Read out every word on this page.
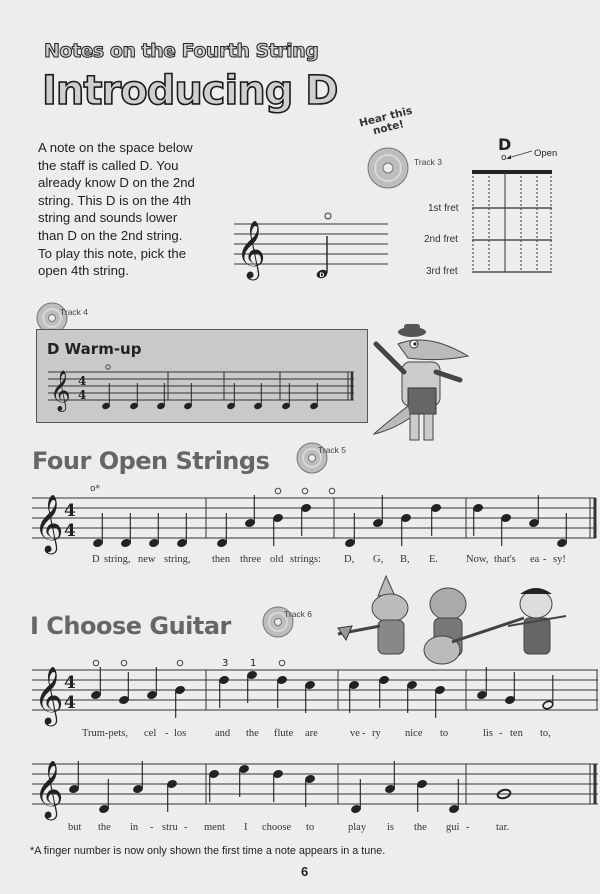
Notes on the Fourth String
Introducing D
A note on the space below
the staff is called D. You
already know D on the 2nd
string. This D is on the 4th
string and sounds lower
than D on the 2nd string.
To play this note, pick the
open 4th string.
Hear this note!
Track 3
𝄞	D
D
o	Open
1st fret
2nd fret
3rd fret
Track 4
D Warm-up
𝄞 4
4
Four Open Strings	Track 5
𝄞 4
4
o*
D string, new string, then three old strings: D, G, B, E.	Now, that's ea - sy!
I Choose Guitar	Track 6
𝄞 4
4
3 1
Trum-pets, cel - los	and the flute are	ve - ry nice to	lis - ten to,
𝄞
but the in - stru - ment I choose to	play is the gui -	tar.
*A finger number is now only shown the first time a note appears in a tune.
6
